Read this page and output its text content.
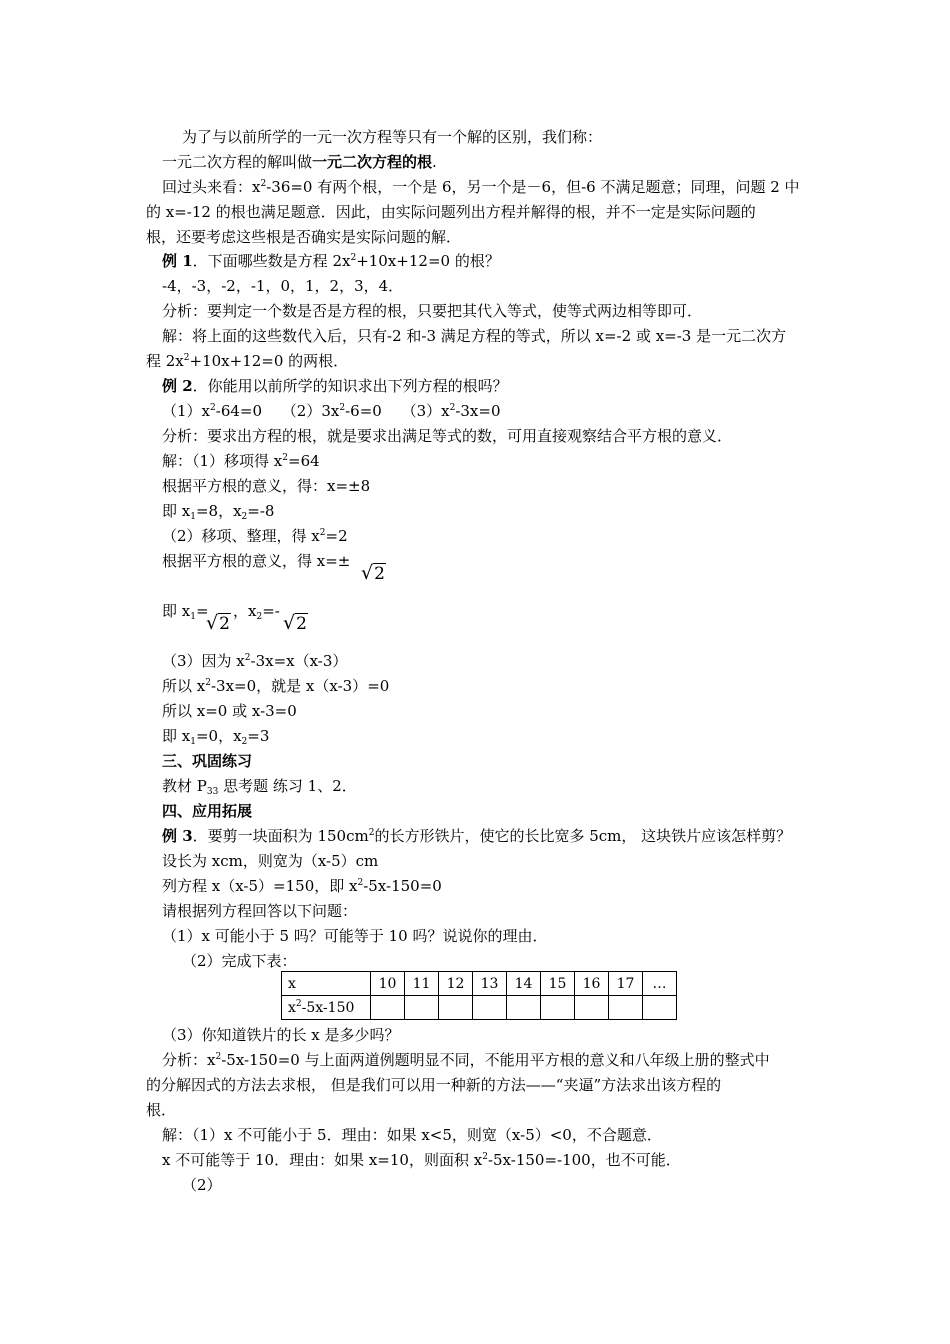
为了与以前所学的一元一次方程等只有一个解的区别，我们称：
一元二次方程的解叫做一元二次方程的根.
回过头来看：$x^2-36=0$ 有两个根，一个是 6，另一个是－6，但-6 不满足题意；同理，问题 2 中
的 x=-12 的根也满足题意．因此，由实际问题列出方程并解得的根，并不一定是实际问题的
根，还要考虑这些根是否确实是实际问题的解．
例 1．下面哪些数是方程 $2x^2+10x+12=0$ 的根？
-4，-3，-2，-1，0，1，2，3，4．
分析：要判定一个数是否是方程的根，只要把其代入等式，使等式两边相等即可．
解：将上面的这些数代入后，只有-2 和-3 满足方程的等式，所以 x=-2 或 x=-3 是一元二次方
程 $2x^2+10x+12=0$ 的两根．
例 2．你能用以前所学的知识求出下列方程的根吗？
$(1)x^2-64=0$　 $(2)3x^2-6=0$　 $(3)x^2-3x=0$
分析：要求出方程的根，就是要求出满足等式的数，可用直接观察结合平方根的意义．
解：（1）移项得 $x^2=64$
根据平方根的意义，得：x=±8
即 $x_1=8$，$x_2=-8$
（2）移项、整理，得 $x^2=2$
根据平方根的意义，得 x=±
√2
即 $x_1=$
√2
，$x_2=-$
√2
（3）因为 $x^2-3x=x(x-3)$
所以 $x^2-3x=0$，就是 x（x-3）=0
所以 x=0 或 x-3=0
即 $x_1=0$，$x_2=3$
三、巩固练习
教材 $P_{33}$ 思考题 练习 1、2．
四、应用拓展
例 3．要剪一块面积为 $150cm^2$的长方形铁片，使它的长比宽多 5cm， 这块铁片应该怎样剪？
设长为 xcm，则宽为（x-5）cm
列方程 x（x-5）=150，即 $x^2-5x-150=0$
请根据列方程回答以下问题：
（1）x 可能小于 5 吗？可能等于 10 吗？说说你的理由．
（2）完成下表：
x	10	11	12	13	14	15	16	17	…
$x^2-5x-150$									
（3）你知道铁片的长 x 是多少吗？
分析：$x^2-5x-150=0$ 与上面两道例题明显不同，不能用平方根的意义和八年级上册的整式中
的分解因式的方法去求根， 但是我们可以用一种新的方法——“夹逼”方法求出该方程的
根．
解：（1）x 不可能小于 5．理由：如果 x<5，则宽（x-5）<0，不合题意．
x 不可能等于 10．理由：如果 x=10，则面积 $x^2-5x-150=-100$，也不可能．
（2）
